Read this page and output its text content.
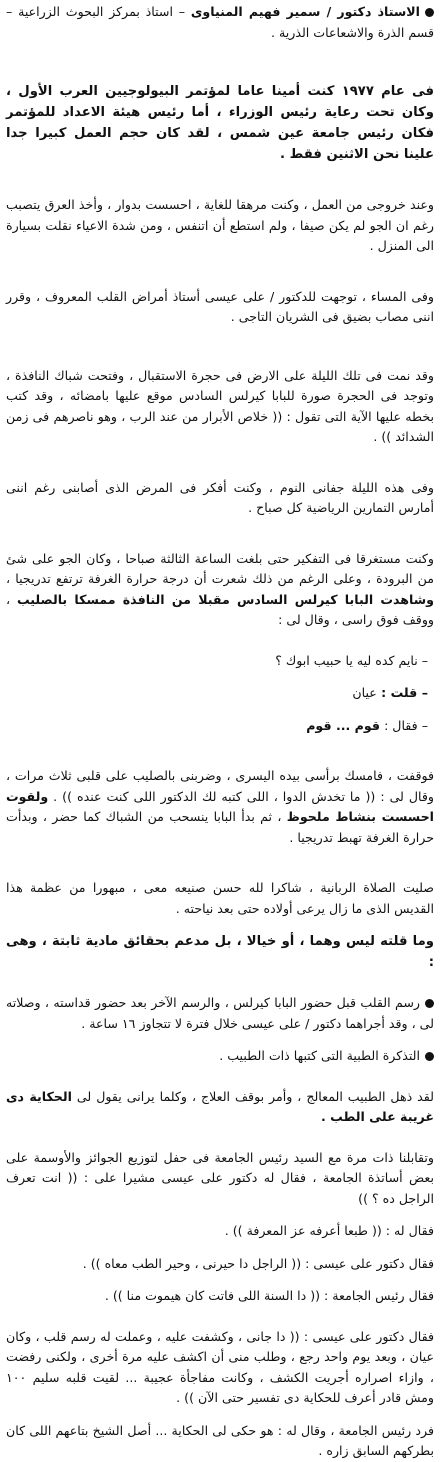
الاستاذ دكتور / سمير فهيم المنياوى – استاذ بمركز البحوث الزراعية – قسم الذرة والاشعاعات الذرية .

فى عام ١٩٧٧ كنت أمينا عاما لمؤتمر البيولوجيين العرب الأول ، وكان تحت رعاية رئيس الوزراء ، أما رئيس هيئة الاعداد للمؤتمر فكان رئيس جامعة عين شمس ، لقد كان حجم العمل كبيرا جدا علينا نحن الاثنين فقط .

وعند خروجى من العمل ، وكنت مرهقا للغاية ، احسست بدوار ، وأخذ العرق يتصبب رغم ان الجو لم يكن صيفا ، ولم استطع أن اتنفس ، ومن شدة الاعياء نقلت بسيارة الى المنزل .

وفى المساء ، توجهت للدكتور / على عيسى أستاذ أمراض القلب المعروف ، وقرر اننى مصاب بضيق فى الشريان التاجى .

وقد نمت فى تلك الليلة على الارض فى حجرة الاستقبال ، وفتحت شباك النافذة ، وتوجد فى الحجرة صورة للبابا كيرلس السادس موقع عليها بامضائه ، وقد كتب بخطه عليها الآية التى تقول : (( خلاص الأبرار من عند الرب ، وهو ناصرهم فى زمن الشدائد )) .

وفى هذه الليلة جفانى النوم ، وكنت أفكر فى المرض الذى أصابنى رغم اننى أمارس التمارين الرياضية كل صباح .

وكنت مستغرقا فى التفكير حتى بلغت الساعة الثالثة صباحا ، وكان الجو على شئ من البرودة ، وعلى الرغم من ذلك شعرت أن درجة حرارة الغرفة ترتفع تدريجيا ، وشاهدت البابا كيرلس السادس مقبلا من النافذة ممسكا بالصليب ، ووقف فوق راسى ، وقال لى :

– نايم كده ليه يا حبيب ابوك ؟

– قلت : عيان

– فقال : قوم ... قوم

فوقفت ، فامسك برأسى بيده اليسرى ، وضربنى بالصليب على قلبى ثلاث مرات ، وقال لى : (( ما تخدش الدوا ، اللى كتبه لك الدكتور اللى كنت عنده )) . ولقوت احسست بنشاط ملحوظ ، ثم بدأ البابا ينسحب من الشباك كما حضر ، وبدأت حرارة الغرفة تهبط تدريجيا .

صليت الصلاة الربانية ، شاكرا لله حسن صنيعه معى ، مبهورا من عظمة هذا القديس الذى ما زال يرعى أولاده حتى بعد نياحته .

وما قلته ليس وهما ، أو خيالا ، بل مدعم بحقائق مادية ثابتة ، وهى :

رسم القلب قبل حضور البابا كيرلس ، والرسم الآخر بعد حضور قداسته ، وصلاته لى ، وقد أجراهما دكتور / على عيسى خلال فترة لا تتجاوز ١٦ ساعة .

التذكرة الطبية التى كتبها ذات الطبيب .

لقد ذهل الطبيب المعالج ، وأمر بوقف العلاج ، وكلما يرانى يقول لى الحكاية دى غريبة على الطب .

وتقابلنا ذات مرة مع السيد رئيس الجامعة فى حفل لتوزيع الجوائز والأوسمة على بعض أساتذة الجامعة ، فقال له دكتور على عيسى مشيرا على : (( انت تعرف الراجل ده ؟ ))

فقال له : (( طبعا أعرفه عز المعرفة )) .

فقال دكتور على عيسى : (( الراجل دا حيرنى ، وحير الطب معاه )) .

فقال رئيس الجامعة : (( دا السنة اللى فاتت كان هيموت منا )) .

فقال دكتور على عيسى : (( دا جانى ، وكشفت عليه ، وعملت له رسم قلب ، وكان عيان ، وبعد يوم واحد رجع ، وطلب منى أن اكشف عليه مرة أخرى ، ولكنى رفضت ، وازاء اصراره أجريت الكشف ، وكانت مفاجأة عجيبة ... لقيت قلبه سليم ١٠٠ ومش قادر أعرف للحكاية دى تفسير حتى الآن )) .

فرد رئيس الجامعة ، وقال له : هو حكى لى الحكاية ... أصل الشيخ بتاعهم اللى كان بطركهم السابق زاره .
